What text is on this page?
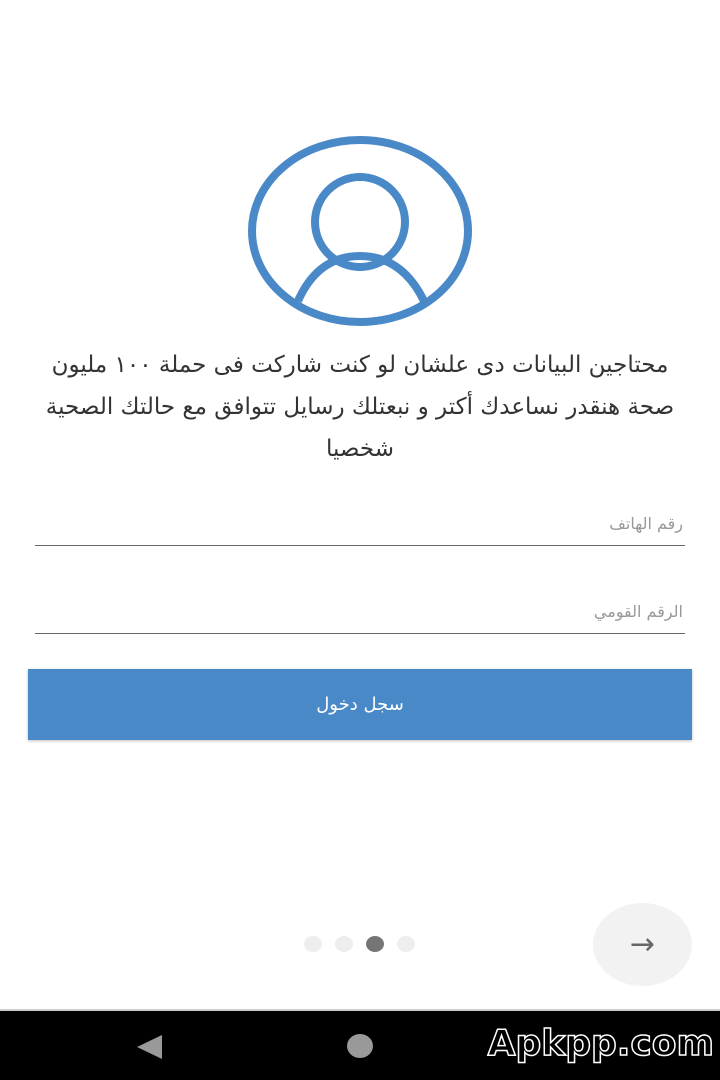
محتاجين البيانات دى علشان لو كنت شاركت فى حملة ١٠٠ مليون صحة هنقدر نساعدك أكتر و نبعتلك رسايل تتوافق مع حالتك الصحية شخصيا
رقم الهاتف
الرقم القومي
سجل دخول
→
Apkpp.com
